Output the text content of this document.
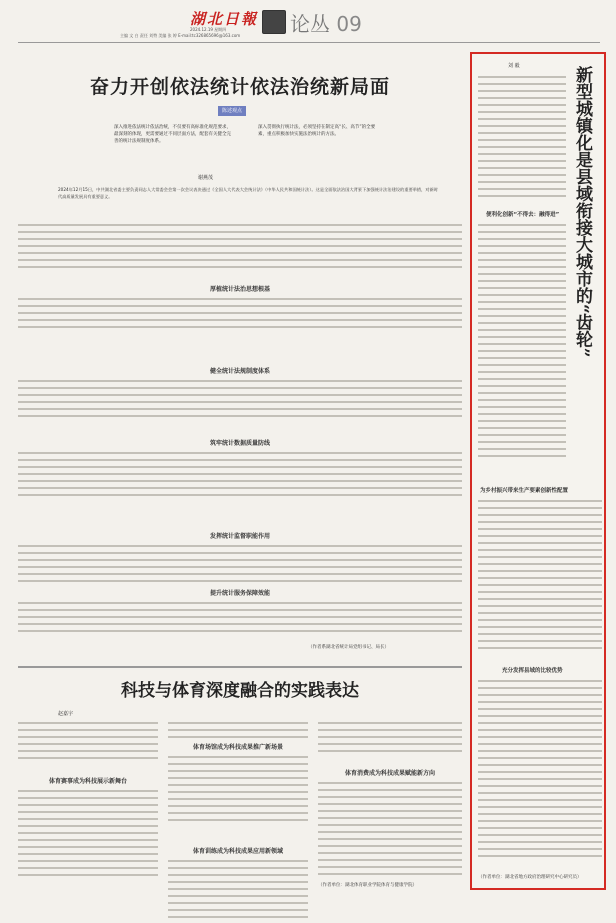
湖北日報
2024.12.19 星期四
主编 文 白 责任 刘赞 美编 张 婷 E-mail:tc326865696@163.com 论丛 09
奋力开创依法统计依法治统新局面
陈述观点
深入推进依法统计依法治统，不仅要有高标准化规范要求，最深刻的体现，更需要通过不同层面方法，配套有关健全完善的统计法规制度体系。
深入贯彻执行统计法，必须坚持在制定高“长、高节”的全要素，重点积极加快实施法治统计的方法。
谢燕茂
2024年12月15日，中共湖北省委主要负责同志人大常委会会第一次会议表决通过《全国人大代表大会统计法》（中华人民共和国统计法）。这是全面依法治国大背景下加强统计法治建设的重要举措，对新时代高质量发展具有重要意义。
厚植统计法治思想根基
健全统计法规制度体系
筑牢统计数据质量防线
发挥统计监督职能作用
提升统计服务保障效能
（作者系湖北省统计局党组书记、局长）
科技与体育深度融合的实践表达
赵嘉宇
体育赛事成为科技展示新舞台
体育场馆成为科技成果推广新场景
体育训练成为科技成果应用新领域
体育消费成为科技成果赋能新方向
（作者单位：湖北体育职业学院体育与健康学院）
新型城镇化是县域衔接大城市的“齿轮”
刘 毅
便利化创新“不得去：融得进”
为乡村振兴带来生产要素创新性配置
充分发挥县域的比较优势
（作者单位：湖北省地方政府治理研究中心研究员）
